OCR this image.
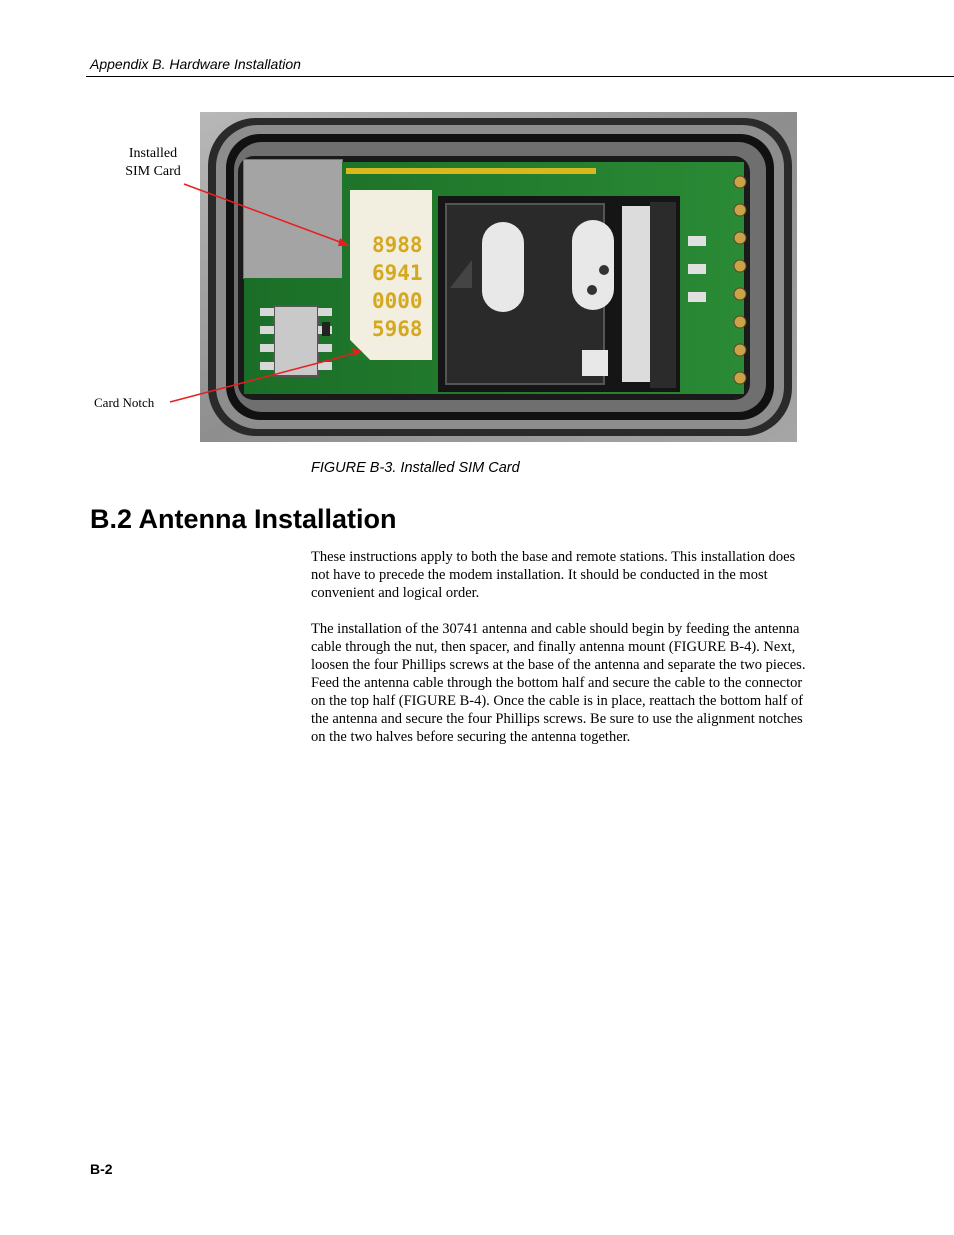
Appendix B. Hardware Installation
8988
6941
0000
5968
Installed
SIM Card
Card Notch
FIGURE B-3. Installed SIM Card
B.2 Antenna Installation

These instructions apply to both the base and remote stations. This installation does not have to precede the modem installation. It should be conducted in the most convenient and logical order.

The installation of the 30741 antenna and cable should begin by feeding the antenna cable through the nut, then spacer, and finally antenna mount (FIGURE B-4). Next, loosen the four Phillips screws at the base of the antenna and separate the two pieces. Feed the antenna cable through the bottom half and secure the cable to the connector on the top half (FIGURE B-4). Once the cable is in place, reattach the bottom half of the antenna and secure the four Phillips screws. Be sure to use the alignment notches on the two halves before securing the antenna together.

B-2
